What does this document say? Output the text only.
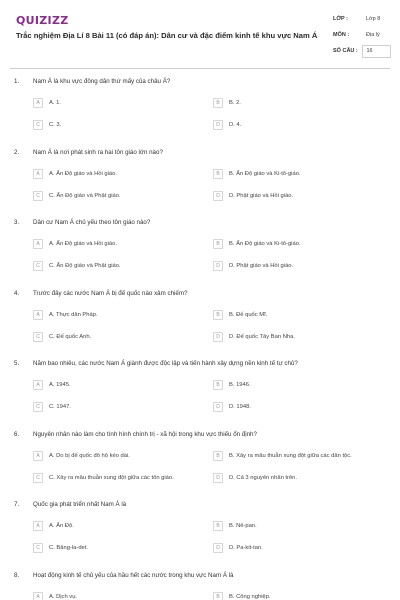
QUIZIZZ
Trắc nghiệm Địa Lí 8 Bài 11 (có đáp án): Dân cư và đặc điểm kinh tế khu vực Nam Á
LỚP :	Lớp 8
MÔN :	Địa lý
SỐ CÂU :	16
1. Nam Á là khu vực đông dân thứ mấy của châu Á?
A	A. 1.	B	B. 2.
C	C. 3.	D	D. 4.
2. Nam Á là nơi phát sinh ra hai tôn giáo lớn nào?
A	A. Ấn Độ giáo và Hồi giáo.	B	B. Ấn Độ giáo và Ki-tô-giáo.
C	C. Ấn Độ giáo và Phật giáo.	D	D. Phật giáo và Hồi giáo.
3. Dân cư Nam Á chủ yếu theo tôn giáo nào?
A	A. Ấn Độ giáo và Hồi giáo.	B	B. Ấn Độ giáo và Ki-tô-giáo.
C	C. Ấn Độ giáo và Phật giáo.	D	D. Phật giáo và Hồi giáo.
4. Trước đây các nước Nam Á bị đế quốc nào xâm chiếm?
A	A. Thực dân Pháp.	B	B. Đế quốc Mĩ.
C	C. Đế quốc Anh.	D	D. Đế quốc Tây Ban Nha.
5. Năm bao nhiêu, các nước Nam Á giành được độc lập và tiến hành xây dựng nền kinh tế tự chủ?
A	A. 1945.	B	B. 1946.
C	C. 1947.	D	D. 1948.
6. Nguyên nhân nào làm cho tình hình chính trị - xã hội trong khu vực thiếu ổn định?
A	A. Do bị đế quốc đô hộ kéo dài.	B	B. Xảy ra mâu thuẫn xung đột giữa các dân tộc.
C	C. Xảy ra mâu thuẫn xung đột giữa các tôn giáo.	D	D. Cả 3 nguyên nhân trên.
7. Quốc gia phát triển nhất Nam Á là
A	A. Ấn Độ.	B	B. Nê-pan.
C	C. Băng-la-det.	D	D. Pa-kit-tan.
8. Hoạt động kinh tế chủ yếu của hầu hết các nước trong khu vực Nam Á là
A	A. Dịch vụ.	B	B. Công nghiệp.
